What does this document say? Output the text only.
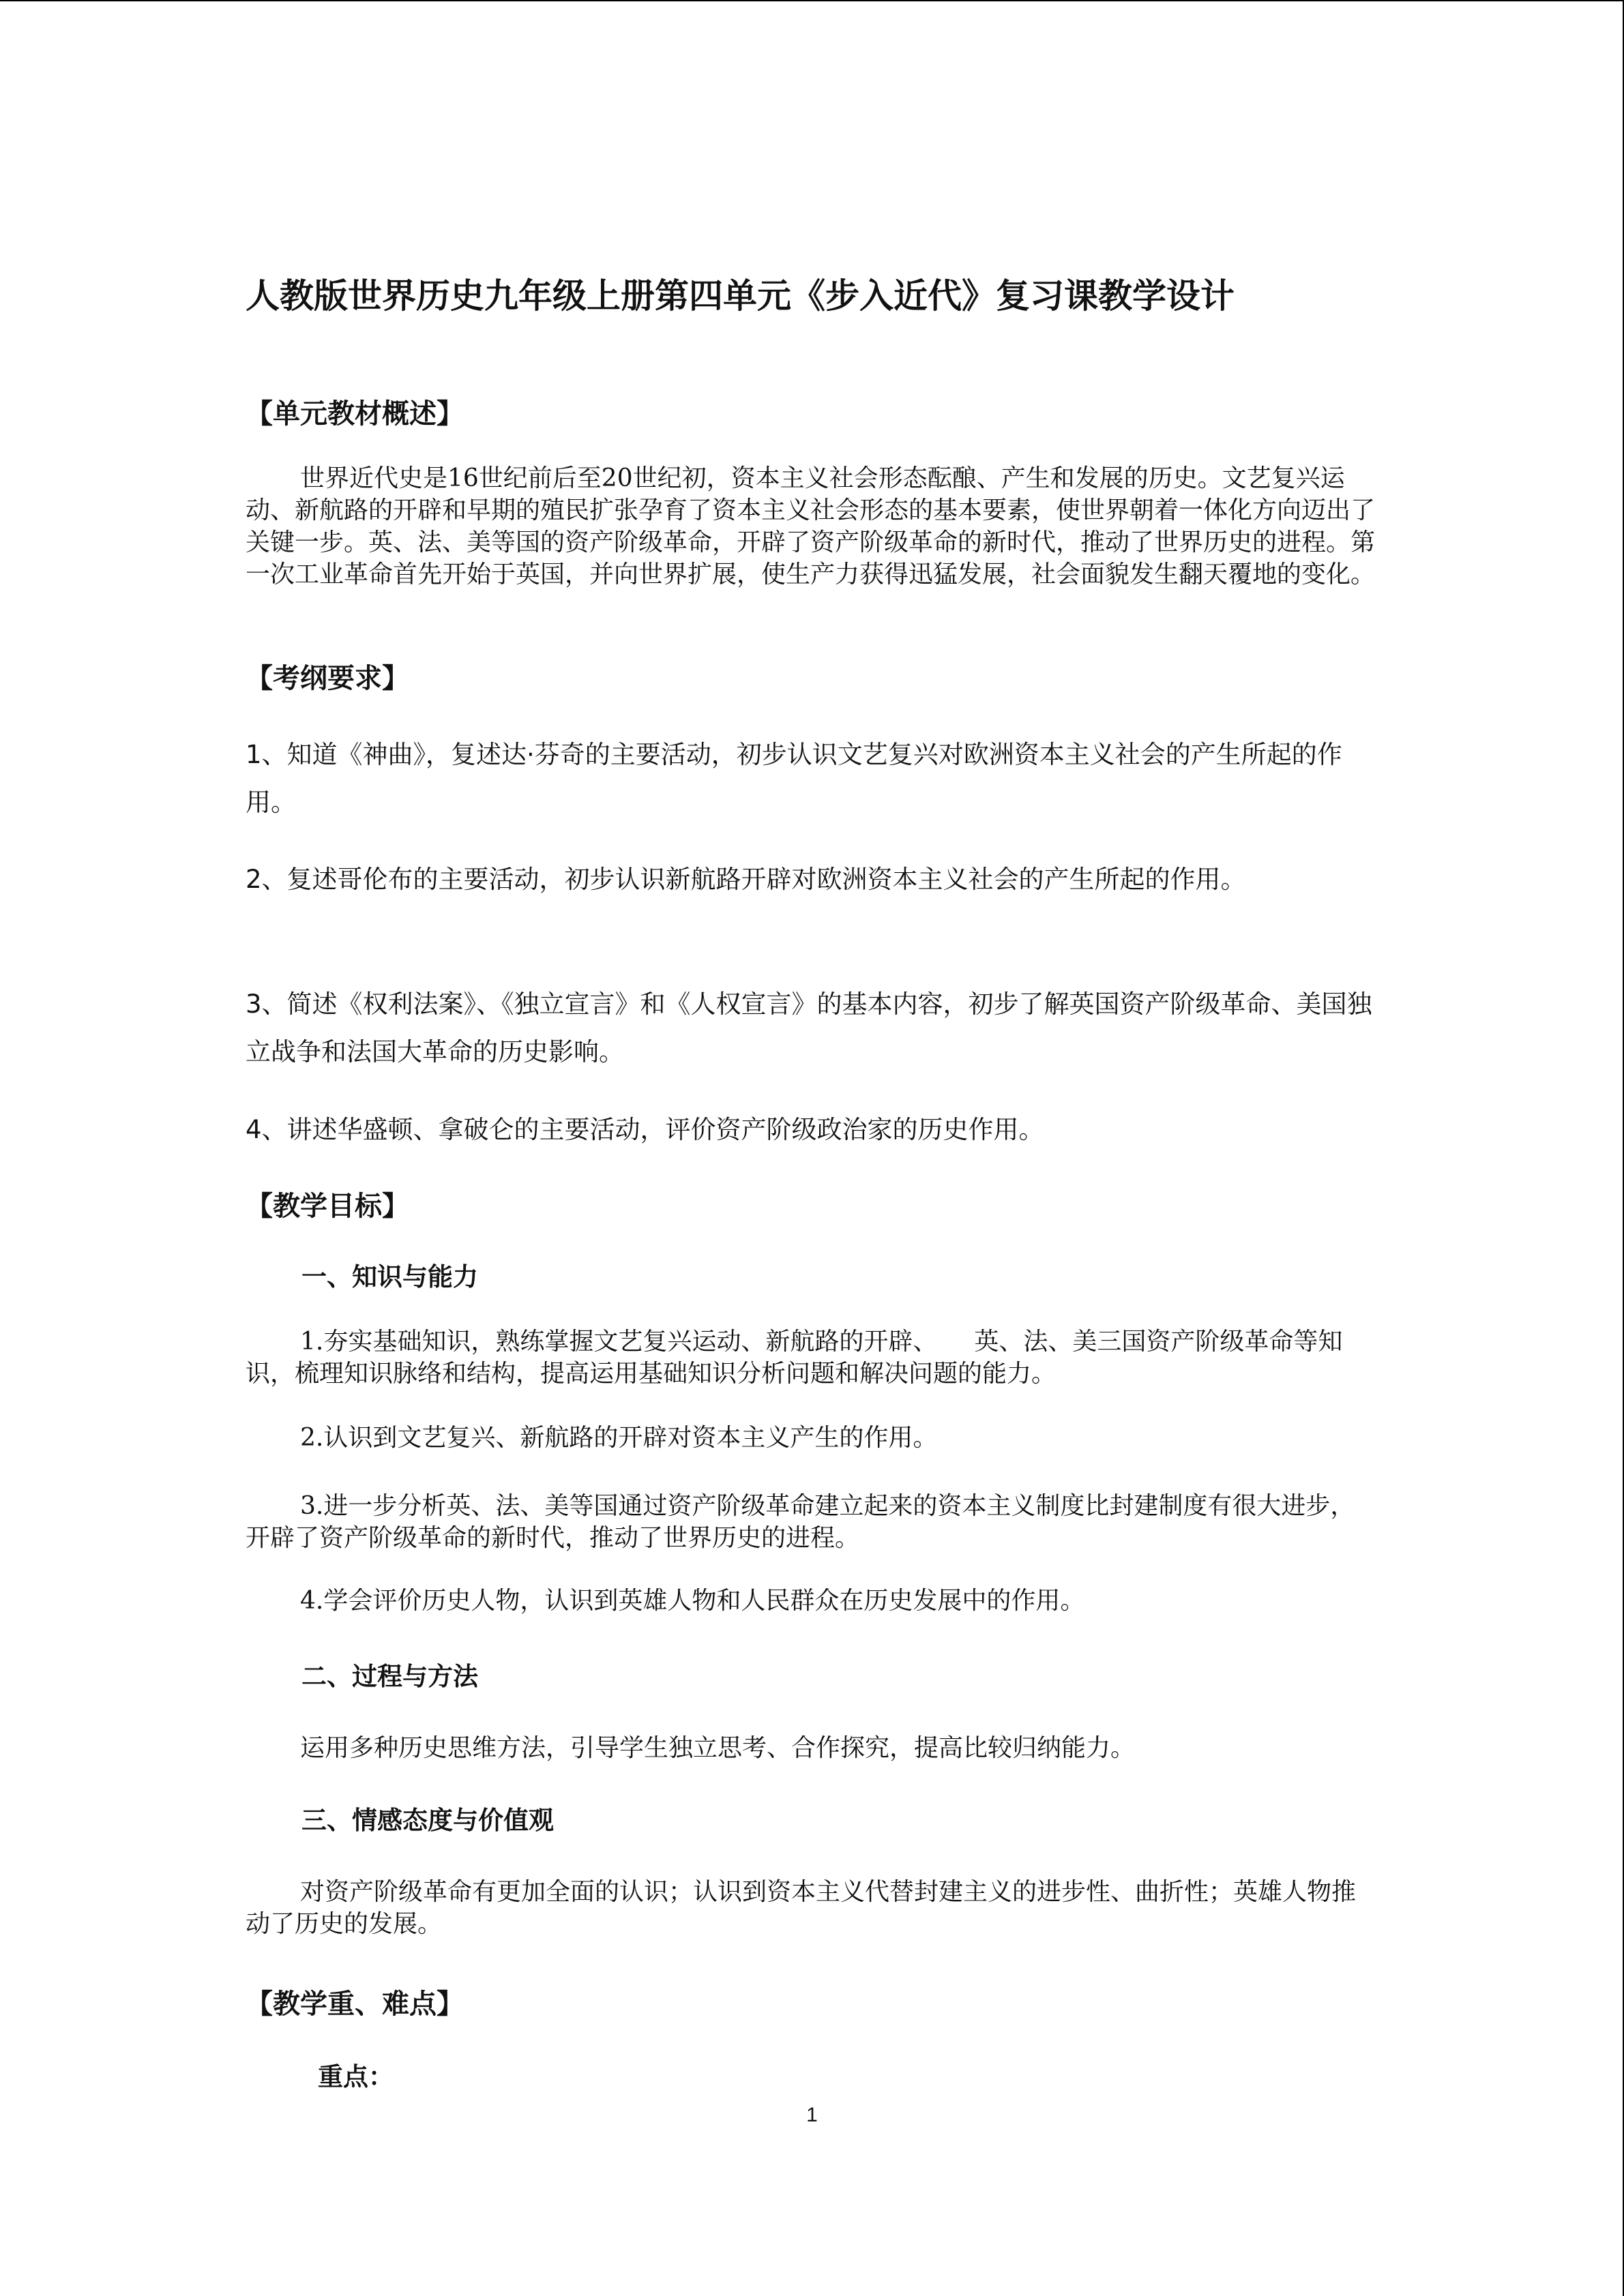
人教版世界历史九年级上册第四单元《步入近代》复习课教学设计
【单元教材概述】

世界近代史是16世纪前后至20世纪初，资本主义社会形态酝酿、产生和发展的历史。文艺复兴运动、新航路的开辟和早期的殖民扩张孕育了资本主义社会形态的基本要素，使世界朝着一体化方向迈出了关键一步。英、法、美等国的资产阶级革命，开辟了资产阶级革命的新时代，推动了世界历史的进程。第一次工业革命首先开始于英国，并向世界扩展，使生产力获得迅猛发展，社会面貌发生翻天覆地的变化。

【考纲要求】

1、知道《神曲》，复述达·芬奇的主要活动，初步认识文艺复兴对欧洲资本主义社会的产生所起的作用。

2、复述哥伦布的主要活动，初步认识新航路开辟对欧洲资本主义社会的产生所起的作用。

3、简述《权利法案》、《独立宣言》和《人权宣言》的基本内容，初步了解英国资产阶级革命、美国独立战争和法国大革命的历史影响。

4、讲述华盛顿、拿破仑的主要活动，评价资产阶级政治家的历史作用。

【教学目标】
一、知识与能力

1.夯实基础知识，熟练掌握文艺复兴运动、新航路的开辟、　　英、法、美三国资产阶级革命等知识，梳理知识脉络和结构，提高运用基础知识分析问题和解决问题的能力。

2.认识到文艺复兴、新航路的开辟对资本主义产生的作用。

3.进一步分析英、法、美等国通过资产阶级革命建立起来的资本主义制度比封建制度有很大进步，开辟了资产阶级革命的新时代，推动了世界历史的进程。

4.学会评价历史人物，认识到英雄人物和人民群众在历史发展中的作用。

二、过程与方法

运用多种历史思维方法，引导学生独立思考、合作探究，提高比较归纳能力。

三、情感态度与价值观

对资产阶级革命有更加全面的认识；认识到资本主义代替封建主义的进步性、曲折性；英雄人物推动了历史的发展。

【教学重、难点】
重点：
1
